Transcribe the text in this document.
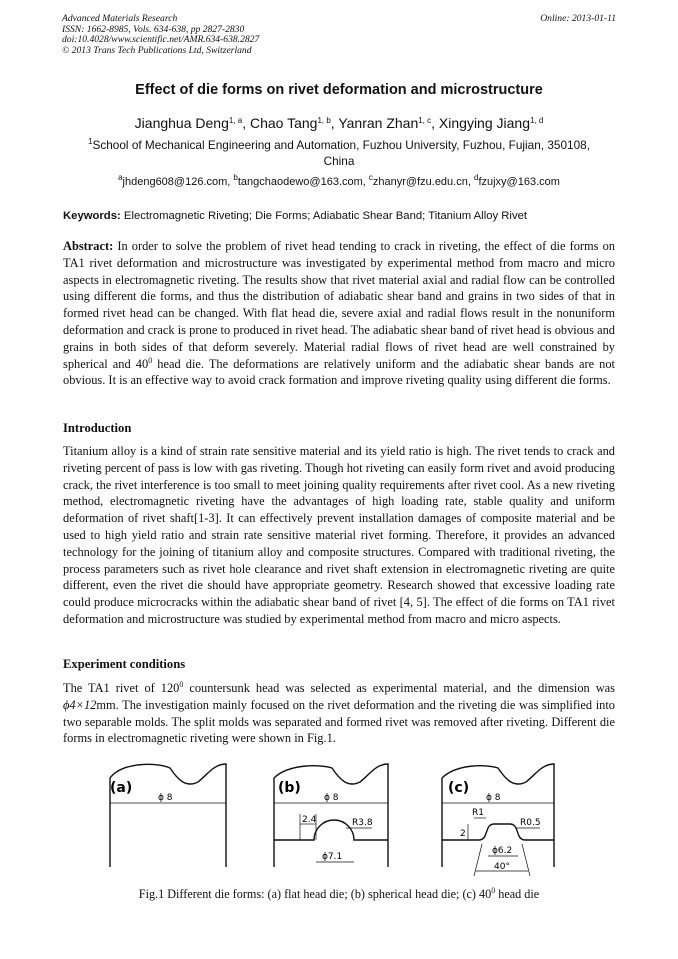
Advanced Materials Research
ISSN: 1662-8985, Vols. 634-638, pp 2827-2830
doi:10.4028/www.scientific.net/AMR.634-638.2827
© 2013 Trans Tech Publications Ltd, Switzerland
Online: 2013-01-11
Effect of die forms on rivet deformation and microstructure
Jianghua Deng$^{1, a}$, Chao Tang$^{1, b}$, Yanran Zhan$^{1, c}$, Xingying Jiang$^{1, d}$
$^1$School of Mechanical Engineering and Automation, Fuzhou University, Fuzhou, Fujian, 350108,
China
$^a$jhdeng608@126.com, $^b$tangchaodewo@163.com, $^c$zhanyr@fzu.edu.cn, $^d$fzujxy@163.com
Keywords: Electromagnetic Riveting; Die Forms; Adiabatic Shear Band; Titanium Alloy Rivet
Abstract: In order to solve the problem of rivet head tending to crack in riveting, the effect of die forms on TA1 rivet deformation and microstructure was investigated by experimental method from macro and micro aspects in electromagnetic riveting. The results show that rivet material axial and radial flow can be controlled using different die forms, and thus the distribution of adiabatic shear band and grains in two sides of that in formed rivet head can be changed. With flat head die, severe axial and radial flows result in the nonuniform deformation and crack is prone to produced in rivet head. The adiabatic shear band of rivet head is obvious and grains in both sides of that deform severely. Material radial flows of rivet head are well constrained by spherical and $40^0$ head die. The deformations are relatively uniform and the adiabatic shear bands are not obvious. It is an effective way to avoid crack formation and improve riveting quality using different die forms.
Introduction
Titanium alloy is a kind of strain rate sensitive material and its yield ratio is high. The rivet tends to crack and riveting percent of pass is low with gas riveting. Though hot riveting can easily form rivet and avoid producing crack, the rivet interference is too small to meet joining quality requirements after rivet cool. As a new riveting method, electromagnetic riveting have the advantages of high loading rate, stable quality and uniform deformation of rivet shaft[1-3]. It can effectively prevent installation damages of composite material and be used to high yield ratio and strain rate sensitive material rivet forming. Therefore, it provides an advanced technology for the joining of titanium alloy and composite structures. Compared with traditional riveting, the process parameters such as rivet hole clearance and rivet shaft extension in electromagnetic riveting are quite different, even the rivet die should have appropriate geometry. Research showed that excessive loading rate could produce microcracks within the adiabatic shear band of rivet [4, 5]. The effect of die forms on TA1 rivet deformation and microstructure was studied by experimental method from macro and micro aspects.
Experiment conditions
The TA1 rivet of $120^0$ countersunk head was selected as experimental material, and the dimension was ϕ4×12mm. The investigation mainly focused on the rivet deformation and the riveting die was simplified into two separable molds. The split molds was separated and formed rivet was removed after riveting. Different die forms in electromagnetic riveting were shown in Fig.1.
(a)
ϕ 8
(b)
ϕ 8
2.4	R3.8
ϕ7.1
(c)
ϕ 8
R1
R0.5
2
ϕ6.2
40°
Fig.1 Different die forms: (a) flat head die; (b) spherical head die; (c) $40^0$ head die
